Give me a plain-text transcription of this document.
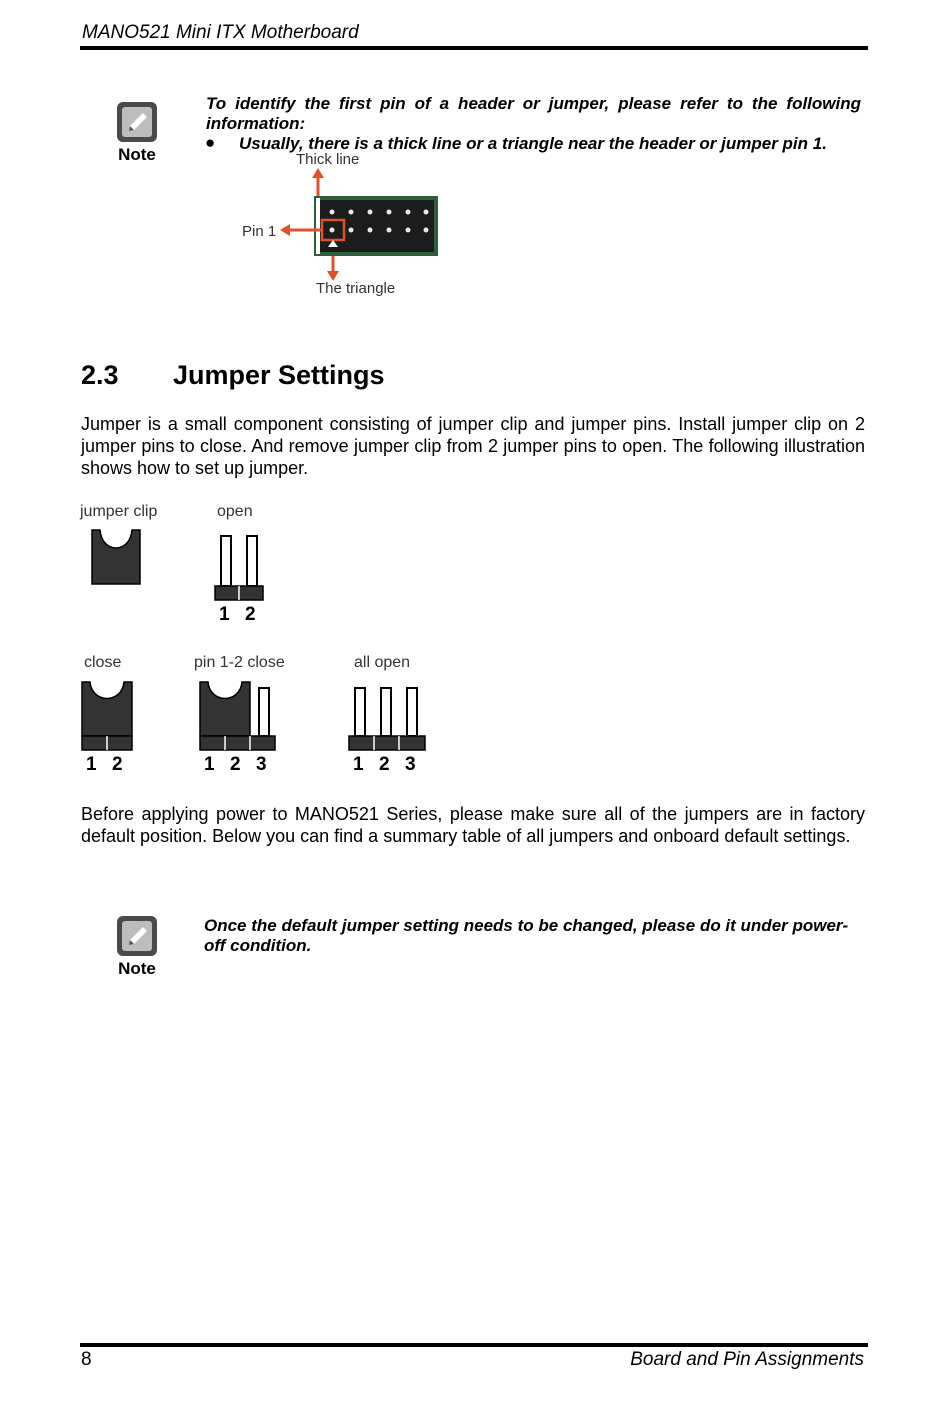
MANO521 Mini ITX Motherboard
Note
To identify the first pin of a header or jumper, please refer to the following information:
● Usually, there is a thick line or a triangle near the header or jumper pin 1.
Thick line
Pin 1
The triangle
2.3 Jumper Settings
Jumper is a small component consisting of jumper clip and jumper pins. Install jumper clip on 2 jumper pins to close. And remove jumper clip from 2 jumper pins to open. The following illustration shows how to set up jumper.
jumper clip	open
close	pin 1-2 close	all open
1 2
1 2	1 2 3	1 2 3
Before applying power to MANO521 Series, please make sure all of the jumpers are in factory default position. Below you can find a summary table of all jumpers and onboard default settings.
Note
Once the default jumper setting needs to be changed, please do it under power-off condition.
8	Board and Pin Assignments
